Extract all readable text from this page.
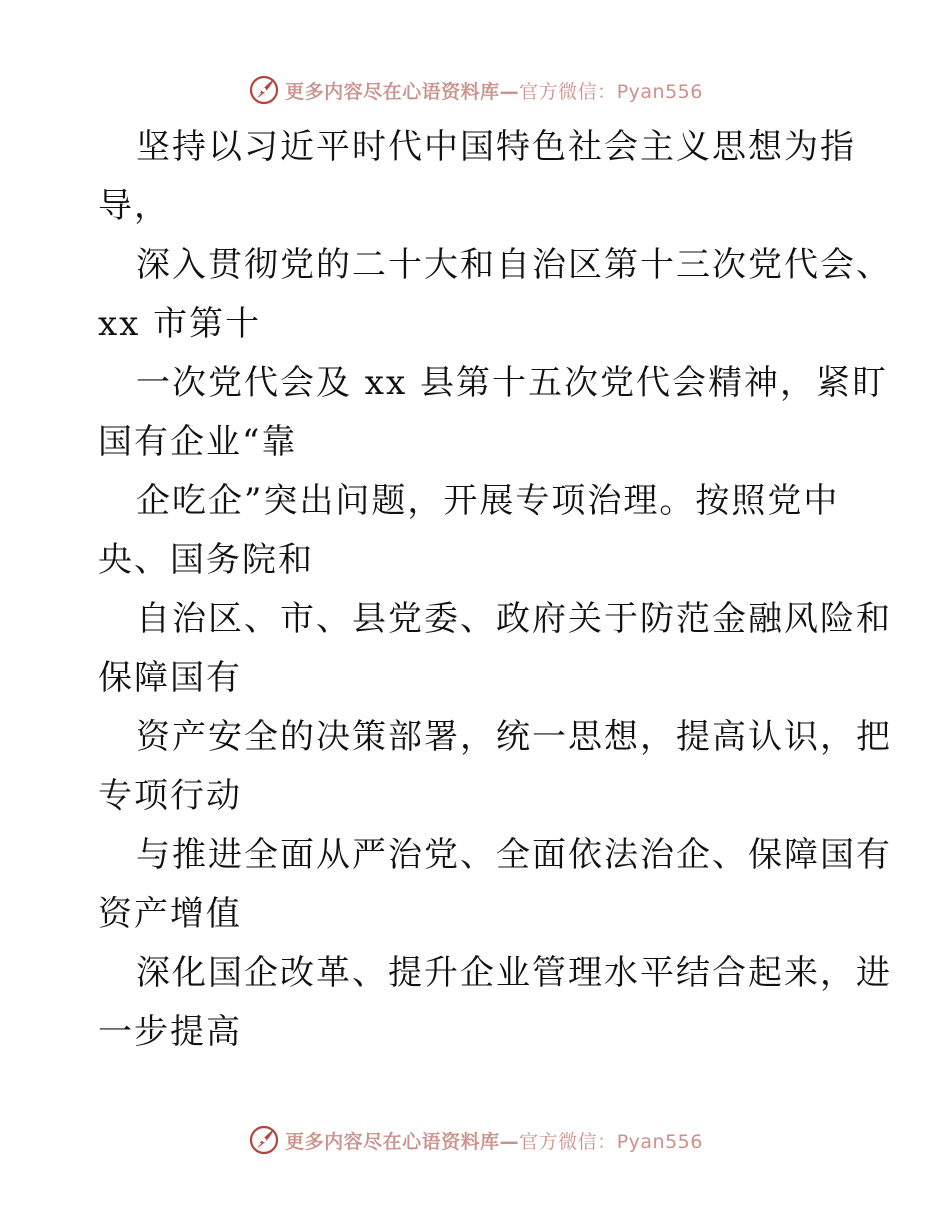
更多内容尽在心语资料库—官方微信：Pyan556
坚持以习近平时代中国特色社会主义思想为指
导，
深入贯彻党的二十大和自治区第十三次党代会、
xx 市第十
一次党代会及 xx 县第十五次党代会精神，紧盯
国有企业“靠
企吃企”突出问题，开展专项治理。按照党中
央、国务院和
自治区、市、县党委、政府关于防范金融风险和
保障国有
资产安全的决策部署，统一思想，提高认识，把
专项行动
与推进全面从严治党、全面依法治企、保障国有
资产增值
深化国企改革、提升企业管理水平结合起来，进
一步提高
更多内容尽在心语资料库—官方微信：Pyan556
